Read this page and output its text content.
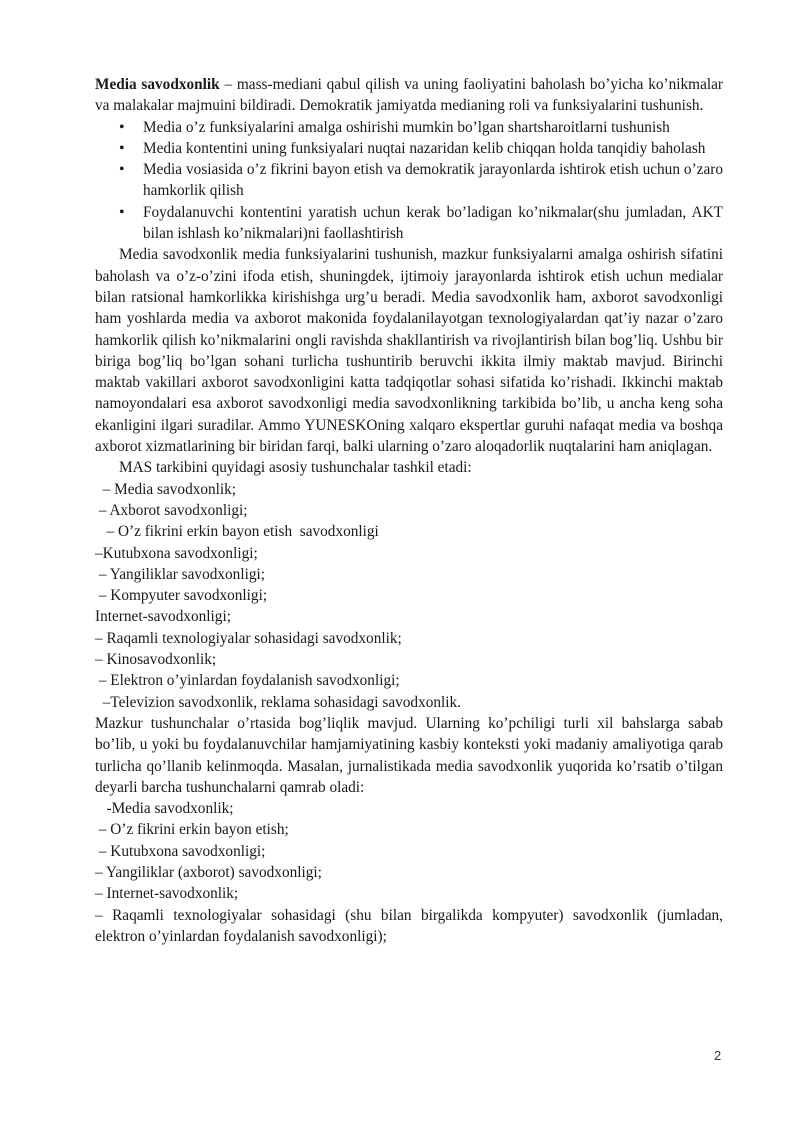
Media savodxonlik – mass-mediani qabul qilish va uning faoliyatini baholash bo’yicha ko’nikmalar va malakalar majmuini bildiradi. Demokratik jamiyatda medianing roli va funksiyalarini tushunish.

• Media o’z funksiyalarini amalga oshirishi mumkin bo’lgan shartsharoitlarni tushunish
• Media kontentini uning funksiyalari nuqtai nazaridan kelib chiqqan holda tanqidiy baholash
• Media vosiasida o’z fikrini bayon etish va demokratik jarayonlarda ishtirok etish uchun o’zaro hamkorlik qilish
• Foydalanuvchi kontentini yaratish uchun kerak bo’ladigan ko’nikmalar(shu jumladan, AKT bilan ishlash ko’nikmalari)ni faollashtirish

Media savodxonlik media funksiyalarini tushunish, mazkur funksiyalarni amalga oshirish sifatini baholash va o’z-o’zini ifoda etish, shuningdek, ijtimoiy jarayonlarda ishtirok etish uchun medialar bilan ratsional hamkorlikka kirishishga urg’u beradi. Media savodxonlik ham, axborot savodxonligi ham yoshlarda media va axborot makonida foydalanilayotgan texnologiyalardan qat’iy nazar o’zaro hamkorlik qilish ko’nikmalarini ongli ravishda shakllantirish va rivojlantirish bilan bog’liq. Ushbu bir biriga bog’liq bo’lgan sohani turlicha tushuntirib beruvchi ikkita ilmiy maktab mavjud. Birinchi maktab vakillari axborot savodxonligini katta tadqiqotlar sohasi sifatida ko’rishadi. Ikkinchi maktab namoyondalari esa axborot savodxonligi media savodxonlikning tarkibida bo’lib, u ancha keng soha ekanligini ilgari suradilar. Ammo YUNESKOning xalqaro ekspertlar guruhi nafaqat media va boshqa axborot xizmatlarining bir biridan farqi, balki ularning o’zaro aloqadorlik nuqtalarini ham aniqlagan.

MAS tarkibini quyidagi asosiy tushunchalar tashkil etadi:

– Media savodxonlik;

– Axborot savodxonligi;

– O’z fikrini erkin bayon etish  savodxonligi

–Kutubxona savodxonligi;

– Yangiliklar savodxonligi;

– Kompyuter savodxonligi;

Internet-savodxonligi;

– Raqamli texnologiyalar sohasidagi savodxonlik;

– Kinosavodxonlik;

– Elektron o’yinlardan foydalanish savodxonligi;

–Televizion savodxonlik, reklama sohasidagi savodxonlik.

Mazkur tushunchalar o’rtasida bog’liqlik mavjud. Ularning ko’pchiligi turli xil bahslarga sabab bo’lib, u yoki bu foydalanuvchilar hamjamiyatining kasbiy konteksti yoki madaniy amaliyotiga qarab turlicha qo’llanib kelinmoqda. Masalan, jurnalistikada media savodxonlik yuqorida ko’rsatib o’tilgan deyarli barcha tushunchalarni qamrab oladi:

-Media savodxonlik;

– O’z fikrini erkin bayon etish;

– Kutubxona savodxonligi;

– Yangiliklar (axborot) savodxonligi;

– Internet-savodxonlik;

– Raqamli texnologiyalar sohasidagi (shu bilan birgalikda kompyuter) savodxonlik (jumladan, elektron o’yinlardan foydalanish savodxonligi);

2
